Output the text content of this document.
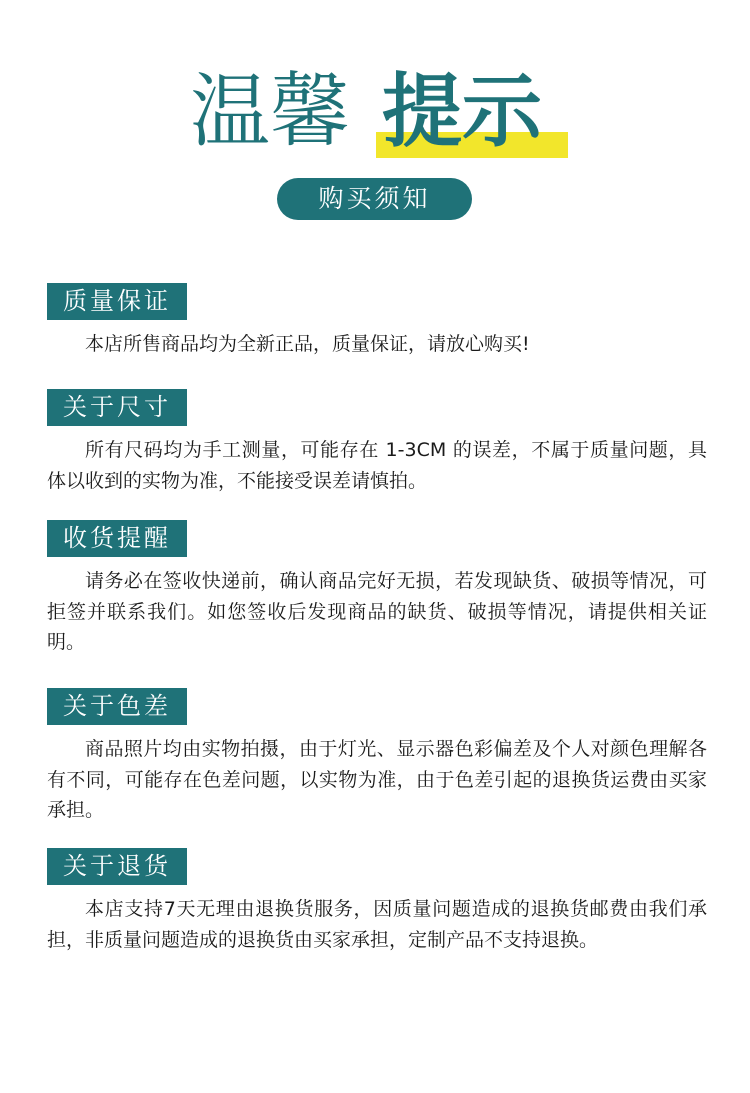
温馨 提示
购买须知
质量保证

本店所售商品均为全新正品，质量保证，请放心购买!

关于尺寸

所有尺码均为手工测量，可能存在 1-3CM 的误差，不属于质量问题，具体以收到的实物为准，不能接受误差请慎拍。

收货提醒

请务必在签收快递前，确认商品完好无损，若发现缺货、破损等情况，可拒签并联系我们。如您签收后发现商品的缺货、破损等情况，请提供相关证明。

关于色差

商品照片均由实物拍摄，由于灯光、显示器色彩偏差及个人对颜色理解各有不同，可能存在色差问题，以实物为准，由于色差引起的退换货运费由买家承担。

关于退货

本店支持7天无理由退换货服务，因质量问题造成的退换货邮费由我们承担，非质量问题造成的退换货由买家承担，定制产品不支持退换。
